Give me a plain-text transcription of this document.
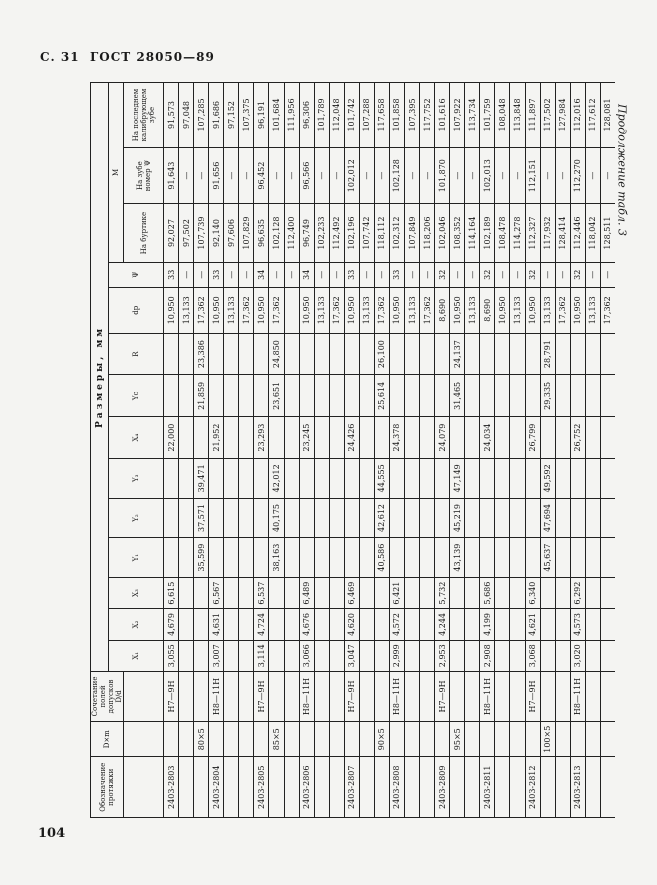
С. 31 ГОСТ 28050—89
Продолжение табл. 3
Обозначение протяжки	D×m	Сочетание полей допусков D/d	Размеры, мм													
			X₁	X₂	X₃	Y₁	Y₂	Y₃	X₄	Yс	R	dр	Ψ	M		
														На буртике	На зубе номер Ψ	На последнем калибрующем зубе
2403-2803		H7—9H	3,055	4,679	6,615				22,000			10,950	33	92,027	91,643	91,573
												13,133	—	97,502	—	97,048
	80×5					35,599	37,571	39,471		21,859	23,386	17,362	—	107,739	—	107,285
2403-2804		H8—11H	3,007	4,631	6,567				21,952			10,950	33	92,140	91,656	91,686
												13,133	—	97,606	—	97,152
												17,362	—	107,829	—	107,375
2403-2805		H7—9H	3,114	4,724	6,537				23,293			10,950	34	96,635	96,452	96,191
	85×5					38,163	40,175	42,012		23,651	24,850	17,362	—	102,128	—	101,684
													—	112,400	—	111,956
2403-2806		H8—11H	3,066	4,676	6,489				23,245			10,950	34	96,749	96,566	96,306
												13,133	—	102,233	—	101,789
												17,362	—	112,492	—	112,048
2403-2807		H7—9H	3,047	4,620	6,469				24,426			10,950	33	102,196	102,012	101,742
												13,133	—	107,742	—	107,288
	90×5					40,586	42,612	44,555		25,614	26,100	17,362	—	118,112	—	117,658
2403-2808		H8—11H	2,999	4,572	6,421				24,378			10,950	33	102,312	102,128	101,858
												13,133	—	107,849	—	107,395
												17,362	—	118,206	—	117,752
2403-2809		H7—9H	2,953	4,244	5,732				24,079			8,690	32	102,046	101,870	101,616
	95×5					43,139	45,219	47,149		31,465	24,137	10,950	—	108,352	—	107,922
												13,133	—	114,164	—	113,734
2403-2811		H8—11H	2,908	4,199	5,686				24,034			8,690	32	102,189	102,013	101,759
												10,950	—	108,478	—	108,048
												13,133	—	114,278	—	113,848
2403-2812		H7—9H	3,068	4,621	6,340				26,799			10,950	32	112,327	112,151	111,897
	100×5					45,637	47,694	49,592		29,335	28,791	13,133	—	117,932	—	117,502
												17,362	—	128,414	—	127,984
2403-2813		H8—11H	3,020	4,573	6,292				26,752			10,950	32	112,446	112,270	112,016
												13,133	—	118,042	—	117,612
												17,362	—	128,511	—	128,081
104
